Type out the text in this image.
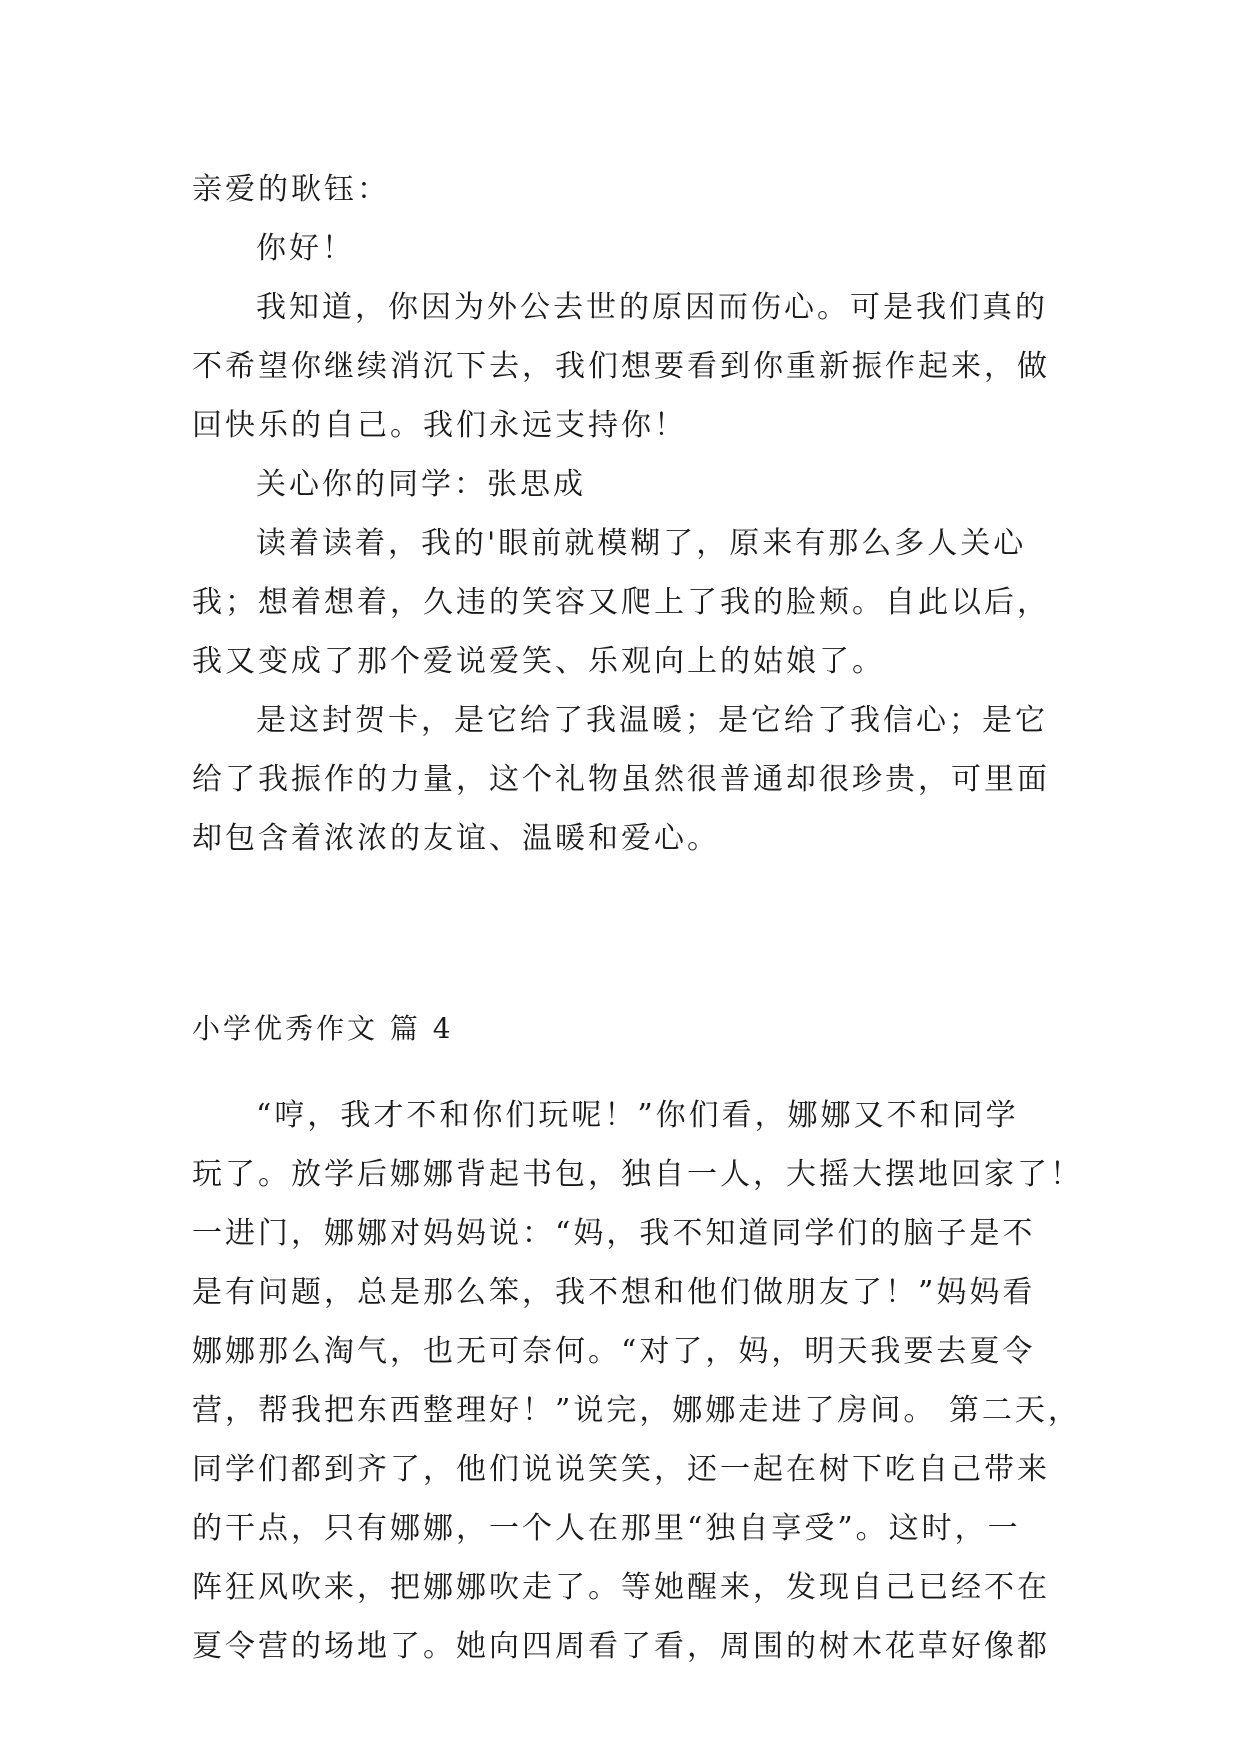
亲爱的耿钰：

你好！

我知道，你因为外公去世的原因而伤心。可是我们真的

不希望你继续消沉下去，我们想要看到你重新振作起来，做

回快乐的自己。我们永远支持你！

关心你的同学：张思成

读着读着，我的'眼前就模糊了，原来有那么多人关心

我；想着想着，久违的笑容又爬上了我的脸颊。自此以后，

我又变成了那个爱说爱笑、乐观向上的姑娘了。

是这封贺卡，是它给了我温暖；是它给了我信心；是它

给了我振作的力量，这个礼物虽然很普通却很珍贵，可里面

却包含着浓浓的友谊、温暖和爱心。

小学优秀作文 篇 4

“哼，我才不和你们玩呢！”你们看，娜娜又不和同学

玩了。放学后娜娜背起书包，独自一人，大摇大摆地回家了！

一进门，娜娜对妈妈说：“妈，我不知道同学们的脑子是不

是有问题，总是那么笨，我不想和他们做朋友了！”妈妈看

娜娜那么淘气，也无可奈何。“对了，妈，明天我要去夏令

营，帮我把东西整理好！”说完，娜娜走进了房间。 第二天，

同学们都到齐了，他们说说笑笑，还一起在树下吃自己带来

的干点，只有娜娜，一个人在那里“独自享受”。这时，一

阵狂风吹来，把娜娜吹走了。等她醒来，发现自己已经不在

夏令营的场地了。她向四周看了看，周围的树木花草好像都
